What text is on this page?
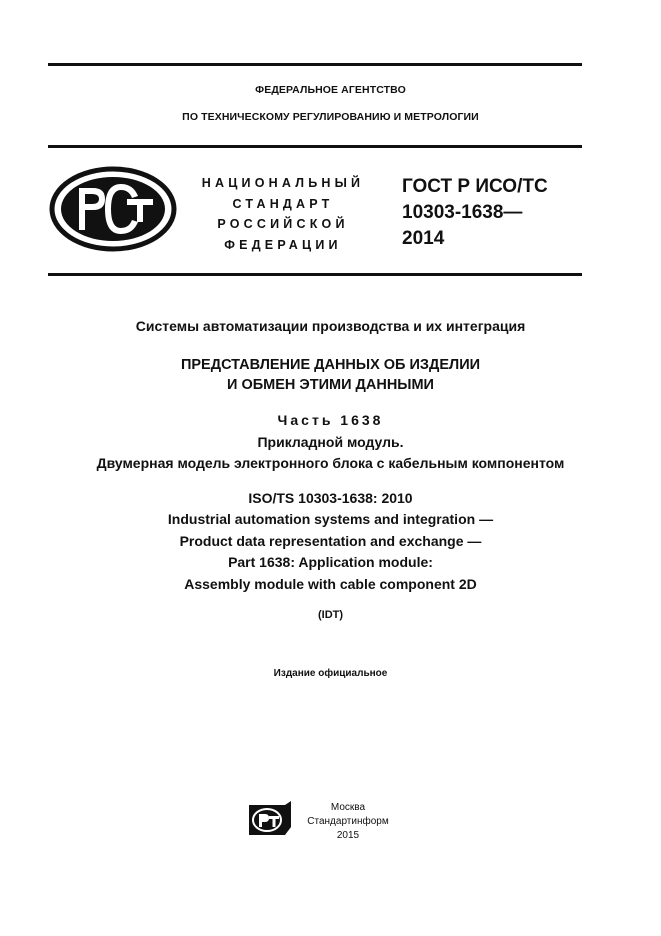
ФЕДЕРАЛЬНОЕ АГЕНТСТВО
ПО ТЕХНИЧЕСКОМУ РЕГУЛИРОВАНИЮ И МЕТРОЛОГИИ
НАЦИОНАЛЬНЫЙ
СТАНДАРТ
РОССИЙСКОЙ
ФЕДЕРАЦИИ
ГОСТ Р ИСО/ТС
10303-1638—
2014
Системы автоматизации производства и их интеграция
ПРЕДСТАВЛЕНИЕ ДАННЫХ ОБ ИЗДЕЛИИ
И ОБМЕН ЭТИМИ ДАННЫМИ
Часть 1638
Прикладной модуль.
Двумерная модель электронного блока с кабельным компонентом
ISO/TS 10303-1638: 2010
Industrial automation systems and integration —
Product data representation and exchange —
Part 1638: Application module:
Assembly module with cable component 2D
(IDT)
Издание официальное
Москва
Стандартинформ
2015
